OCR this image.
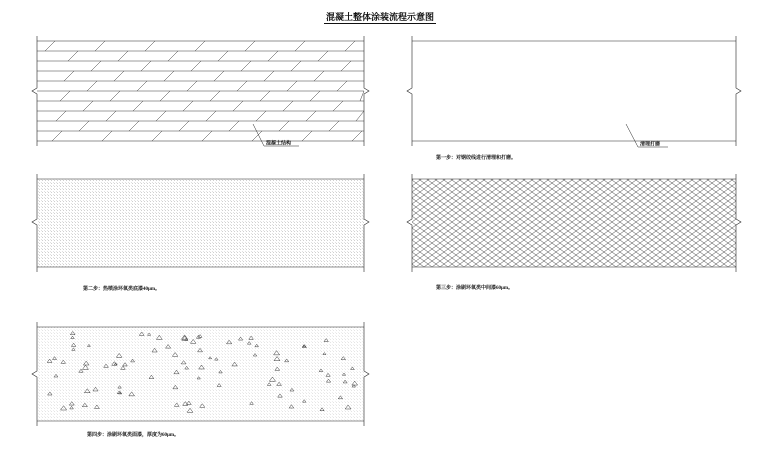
混凝土整体涂装流程示意图
混凝土结构	清理打磨
第一步：对钢绞线进行清理和打磨。
第二步：热喷涂环氧类底漆40μm。	第三步：涂刷环氧类中间漆60μm。
第四步：涂刷环氧类面漆，厚度为60μm。
